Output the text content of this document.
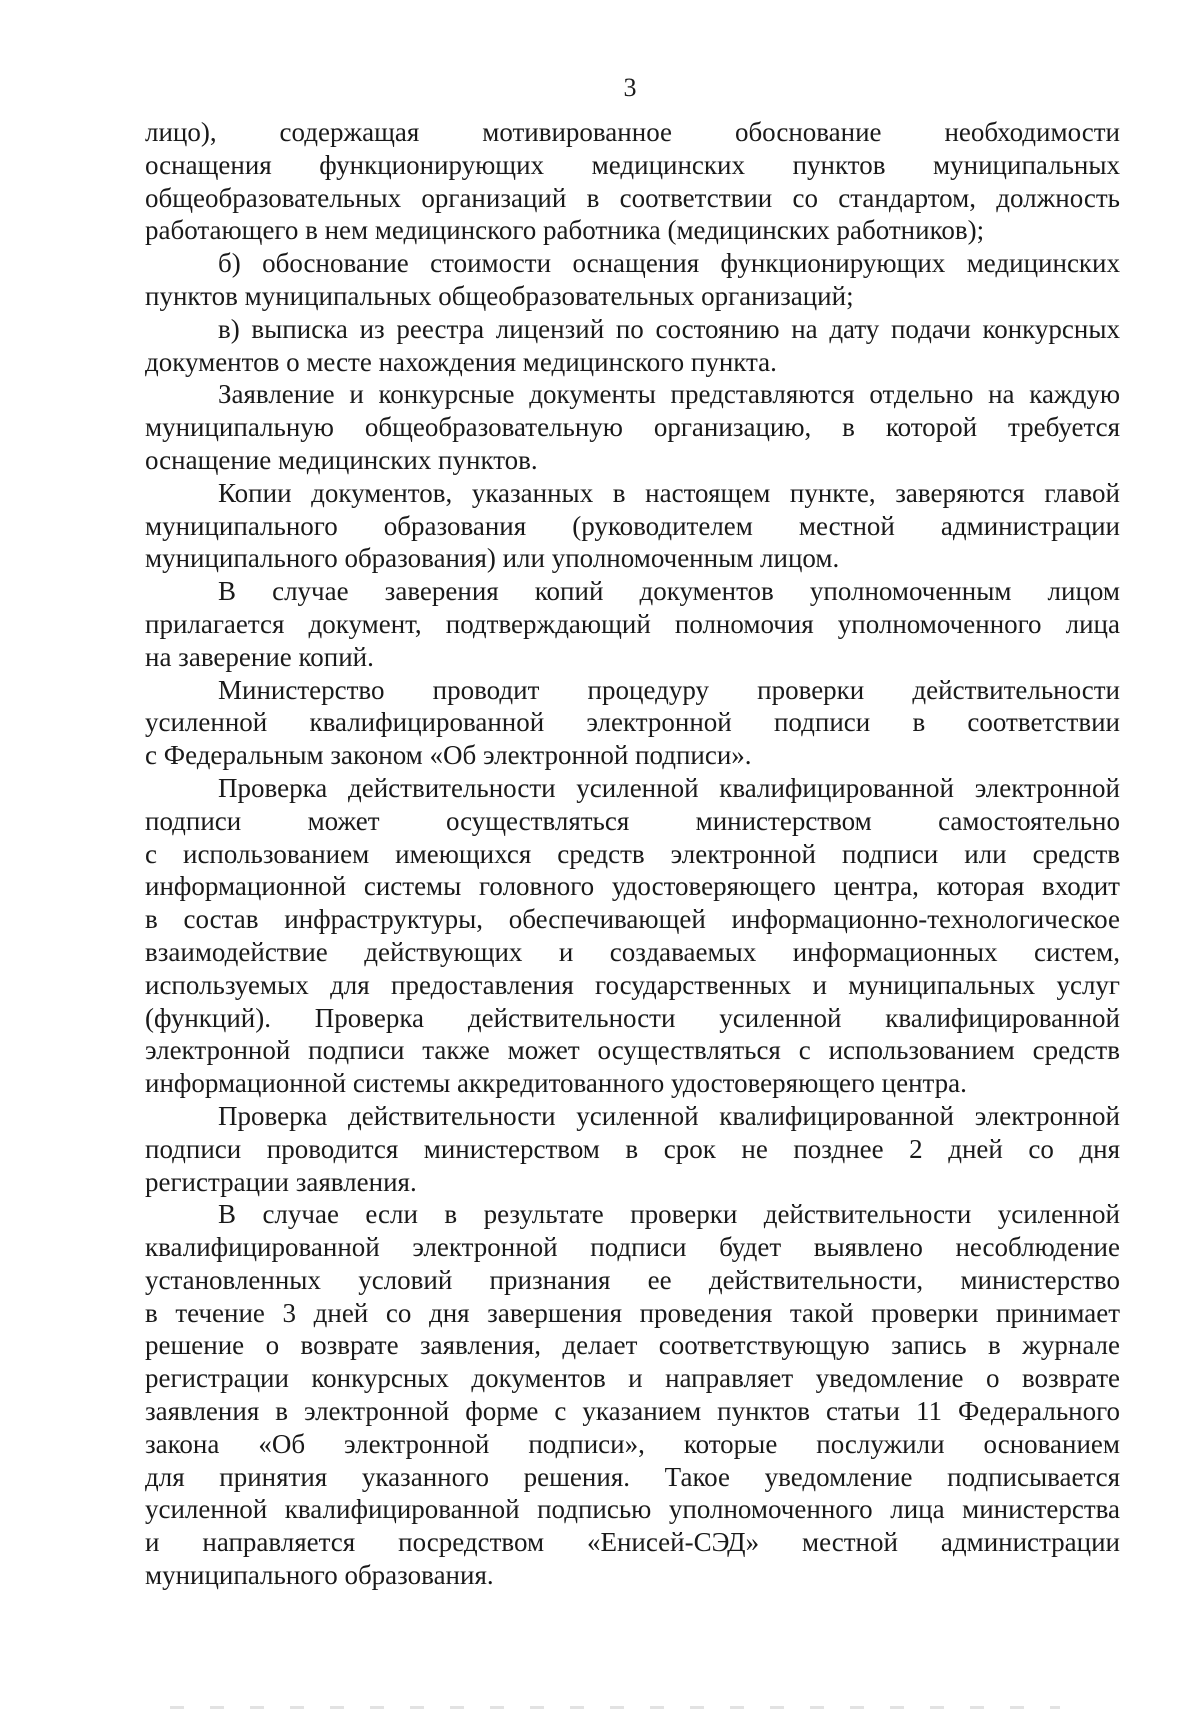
3
лицо),      содержащая      мотивированное      обоснование      необходимости
оснащения функционирующих медицинских пунктов муниципальных
общеобразовательных организаций в соответствии со стандартом, должность
работающего в нем медицинского работника (медицинских работников);
б) обоснование стоимости оснащения функционирующих медицинских
пунктов муниципальных общеобразовательных организаций;
в) выписка из реестра лицензий по состоянию на дату подачи конкурсных
документов о месте нахождения медицинского пункта.
Заявление и конкурсные документы представляются отдельно на каждую
муниципальную общеобразовательную организацию, в которой требуется
оснащение медицинских пунктов.
Копии документов, указанных в настоящем пункте, заверяются главой
муниципального образования (руководителем местной администрации
муниципального образования) или уполномоченным лицом.
В случае заверения копий документов уполномоченным лицом
прилагается документ, подтверждающий полномочия уполномоченного лица
на заверение копий.
Министерство проводит процедуру проверки действительности
усиленной квалифицированной электронной подписи в соответствии
с Федеральным законом «Об электронной подписи».
Проверка действительности усиленной квалифицированной электронной
подписи может осуществляться министерством самостоятельно
с использованием имеющихся средств электронной подписи или средств
информационной системы головного удостоверяющего центра, которая входит
в состав инфраструктуры, обеспечивающей информационно-технологическое
взаимодействие действующих и создаваемых информационных систем,
используемых для предоставления государственных и муниципальных услуг
(функций). Проверка действительности усиленной квалифицированной
электронной подписи также может осуществляться с использованием средств
информационной системы аккредитованного удостоверяющего центра.
Проверка действительности усиленной квалифицированной электронной
подписи проводится министерством в срок не позднее 2 дней со дня
регистрации заявления.
В случае если в результате проверки действительности усиленной
квалифицированной электронной подписи будет выявлено несоблюдение
установленных условий признания ее действительности, министерство
в течение 3 дней со дня завершения проведения такой проверки принимает
решение о возврате заявления, делает соответствующую запись в журнале
регистрации конкурсных документов и направляет уведомление о возврате
заявления в электронной форме с указанием пунктов статьи 11 Федерального
закона «Об электронной подписи», которые послужили основанием
для принятия указанного решения. Такое уведомление подписывается
усиленной квалифицированной подписью уполномоченного лица министерства
и направляется посредством «Енисей-СЭД» местной администрации
муниципального образования.
